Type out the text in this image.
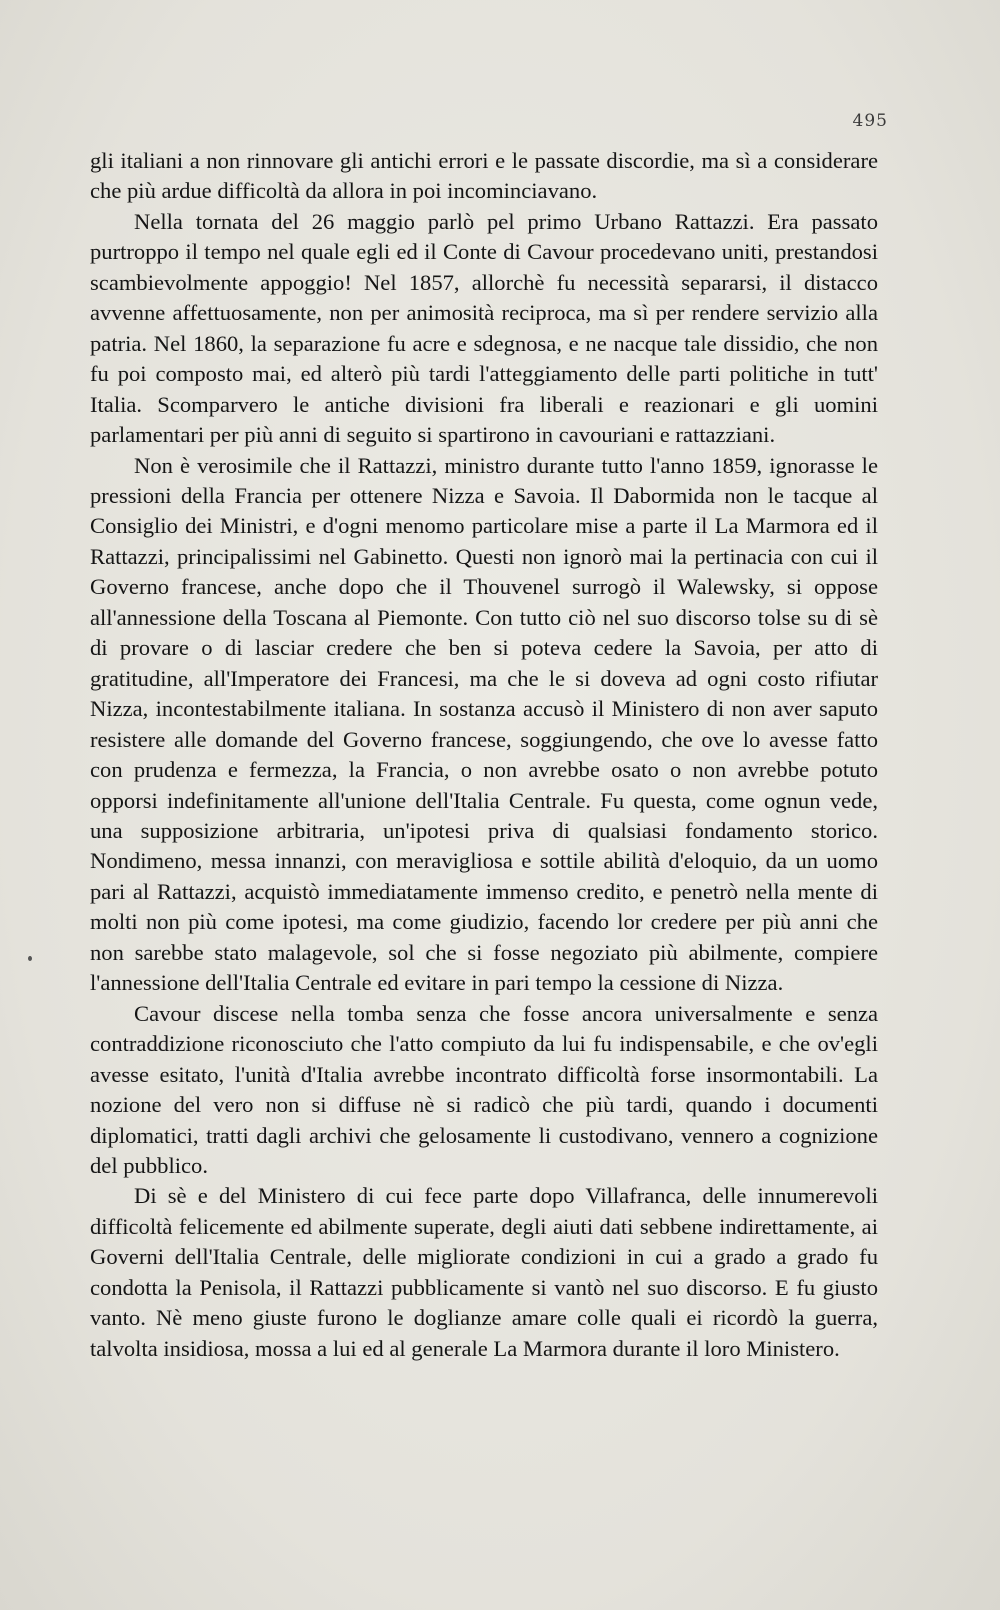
495

gli italiani a non rinnovare gli antichi errori e le passate discordie, ma sì a considerare che più ardue difficoltà da allora in poi incominciavano.

Nella tornata del 26 maggio parlò pel primo Urbano Rattazzi. Era passato purtroppo il tempo nel quale egli ed il Conte di Cavour procedevano uniti, prestandosi scambievolmente appoggio! Nel 1857, allorchè fu necessità separarsi, il distacco avvenne affettuosamente, non per animosità reciproca, ma sì per rendere servizio alla patria. Nel 1860, la separazione fu acre e sdegnosa, e ne nacque tale dissidio, che non fu poi composto mai, ed alterò più tardi l'atteggiamento delle parti politiche in tutt' Italia. Scomparvero le antiche divisioni fra liberali e reazionari e gli uomini parlamentari per più anni di seguito si spartirono in cavouriani e rattazziani.

Non è verosimile che il Rattazzi, ministro durante tutto l'anno 1859, ignorasse le pressioni della Francia per ottenere Nizza e Savoia. Il Dabormida non le tacque al Consiglio dei Ministri, e d'ogni menomo particolare mise a parte il La Marmora ed il Rattazzi, principalissimi nel Gabinetto. Questi non ignorò mai la pertinacia con cui il Governo francese, anche dopo che il Thouvenel surrogò il Walewsky, si oppose all'annessione della Toscana al Piemonte. Con tutto ciò nel suo discorso tolse su di sè di provare o di lasciar credere che ben si poteva cedere la Savoia, per atto di gratitudine, all'Imperatore dei Francesi, ma che le si doveva ad ogni costo rifiutar Nizza, incontestabilmente italiana. In sostanza accusò il Ministero di non aver saputo resistere alle domande del Governo francese, soggiungendo, che ove lo avesse fatto con prudenza e fermezza, la Francia, o non avrebbe osato o non avrebbe potuto opporsi indefinitamente all'unione dell'Italia Centrale. Fu questa, come ognun vede, una supposizione arbitraria, un'ipotesi priva di qualsiasi fondamento storico. Nondimeno, messa innanzi, con meravigliosa e sottile abilità d'eloquio, da un uomo pari al Rattazzi, acquistò immediatamente immenso credito, e penetrò nella mente di molti non più come ipotesi, ma come giudizio, facendo lor credere per più anni che non sarebbe stato malagevole, sol che si fosse negoziato più abilmente, compiere l'annessione dell'Italia Centrale ed evitare in pari tempo la cessione di Nizza.

Cavour discese nella tomba senza che fosse ancora universalmente e senza contraddizione riconosciuto che l'atto compiuto da lui fu indispensabile, e che ov'egli avesse esitato, l'unità d'Italia avrebbe incontrato difficoltà forse insormontabili. La nozione del vero non si diffuse nè si radicò che più tardi, quando i documenti diplomatici, tratti dagli archivi che gelosamente li custodivano, vennero a cognizione del pubblico.

Di sè e del Ministero di cui fece parte dopo Villafranca, delle innumerevoli difficoltà felicemente ed abilmente superate, degli aiuti dati sebbene indirettamente, ai Governi dell'Italia Centrale, delle migliorate condizioni in cui a grado a grado fu condotta la Penisola, il Rattazzi pubblicamente si vantò nel suo discorso. E fu giusto vanto. Nè meno giuste furono le doglianze amare colle quali ei ricordò la guerra, talvolta insidiosa, mossa a lui ed al generale La Marmora durante il loro Ministero.
